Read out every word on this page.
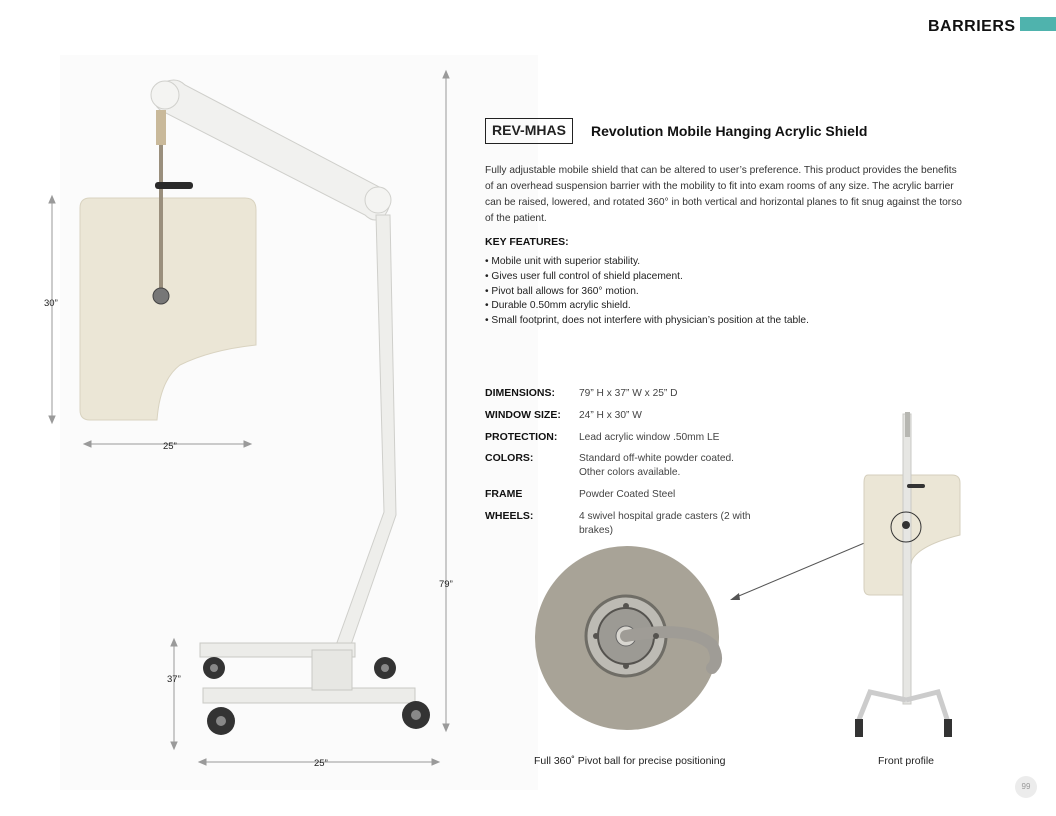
BARRIERS
30”
25”
79”
37”
25”
REV-MHAS	Revolution Mobile Hanging Acrylic Shield
Fully adjustable mobile shield that can be altered to user’s preference. This product provides the benefits of an overhead suspension barrier with the mobility to fit into exam rooms of any size. The acrylic barrier can be raised, lowered, and rotated 360° in both vertical and horizontal planes to fit snug against the torso of the patient.
KEY FEATURES:
• Mobile unit with superior stability.
• Gives user full control of shield placement.
• Pivot ball allows for 360° motion.
• Durable 0.50mm acrylic shield.
• Small footprint, does not interfere with physician’s position at the table.
DIMENSIONS: 79” H x 37” W x 25” D
WINDOW SIZE: 24” H x 30” W
PROTECTION: Lead acrylic window .50mm LE
COLORS:	Standard off-white powder coated. Other colors available.
FRAME	Powder Coated Steel
WHEELS:	4 swivel hospital grade casters (2 with brakes)
Full 360˚ Pivot ball for precise positioning	Front profile
99
